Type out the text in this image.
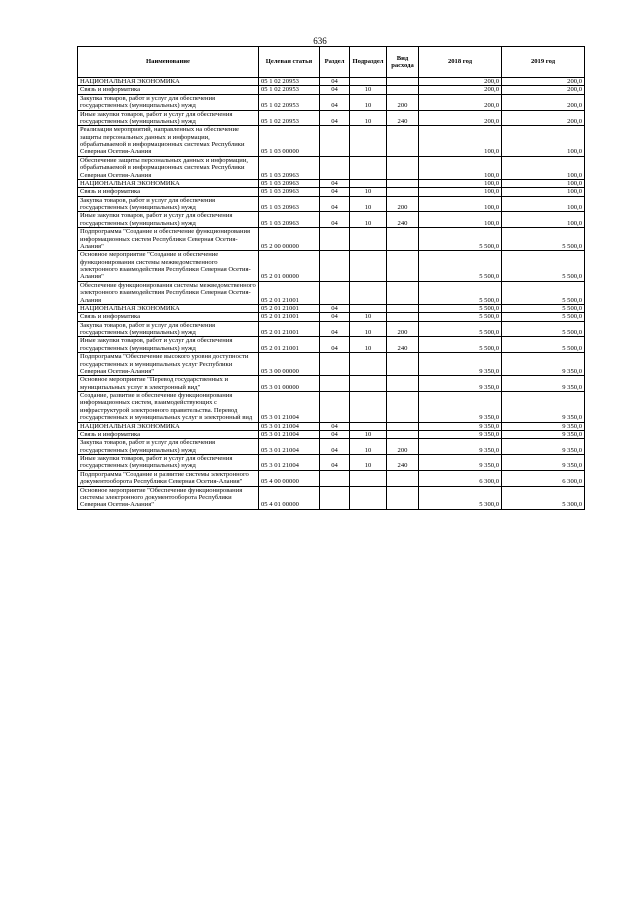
636
Наименование	Целевая статья	Раздел	Подраздел	Вид расхода	2018 год	2019 год
НАЦИОНАЛЬНАЯ ЭКОНОМИКА	05 1 02 20953	04			200,0	200,0
Связь и информатика	05 1 02 20953	04	10		200,0	200,0
Закупка товаров, работ и услуг для обеспечения государственных (муниципальных) нужд	05 1 02 20953	04	10	200	200,0	200,0
Иные закупки товаров, работ и услуг для обеспечения государственных (муниципальных) нужд	05 1 02 20953	04	10	240	200,0	200,0
Реализация мероприятий, направленных на обеспечение защиты персональных данных и информации, обрабатываемой в информационных системах Республики Северная Осетия-Алания	05 1 03 00000				100,0	100,0
Обеспечение защиты персональных данных и информации, обрабатываемой в информационных системах Республики Северная Осетия-Алания	05 1 03 20963				100,0	100,0
НАЦИОНАЛЬНАЯ ЭКОНОМИКА	05 1 03 20963	04			100,0	100,0
Связь и информатика	05 1 03 20963	04	10		100,0	100,0
Закупка товаров, работ и услуг для обеспечения государственных (муниципальных) нужд	05 1 03 20963	04	10	200	100,0	100,0
Иные закупки товаров, работ и услуг для обеспечения государственных (муниципальных) нужд	05 1 03 20963	04	10	240	100,0	100,0
Подпрограмма "Создание и обеспечение функционирования информационных систем Республики Северная Осетия-Алания"	05 2 00 00000				5 500,0	5 500,0
Основное мероприятие "Создание и обеспечение функционирования системы межведомственного электронного взаимодействия Республики Северная Осетия-Алания"	05 2 01 00000				5 500,0	5 500,0
Обеспечение функционирования системы межведомственного электронного взаимодействия Республики Северная Осетия-Алания	05 2 01 21001				5 500,0	5 500,0
НАЦИОНАЛЬНАЯ ЭКОНОМИКА	05 2 01 21001	04			5 500,0	5 500,0
Связь и информатика	05 2 01 21001	04	10		5 500,0	5 500,0
Закупка товаров, работ и услуг для обеспечения государственных (муниципальных) нужд	05 2 01 21001	04	10	200	5 500,0	5 500,0
Иные закупки товаров, работ и услуг для обеспечения государственных (муниципальных) нужд	05 2 01 21001	04	10	240	5 500,0	5 500,0
Подпрограмма "Обеспечение высокого уровня доступности государственных и муниципальных услуг Республики Северная Осетия-Алания"	05 3 00 00000				9 350,0	9 350,0
Основное мероприятие "Перевод государственных и муниципальных услуг в электронный вид"	05 3 01 00000				9 350,0	9 350,0
Создание, развитие и обеспечение функционирования информационных систем, взаимодействующих с инфраструктурой электронного правительства. Перевод государственных и муниципальных услуг в электронный вид	05 3 01 21004				9 350,0	9 350,0
НАЦИОНАЛЬНАЯ ЭКОНОМИКА	05 3 01 21004	04			9 350,0	9 350,0
Связь и информатика	05 3 01 21004	04	10		9 350,0	9 350,0
Закупка товаров, работ и услуг для обеспечения государственных (муниципальных) нужд	05 3 01 21004	04	10	200	9 350,0	9 350,0
Иные закупки товаров, работ и услуг для обеспечения государственных (муниципальных) нужд	05 3 01 21004	04	10	240	9 350,0	9 350,0
Подпрограмма "Создание и развитие системы электронного документооборота Республики Северная Осетия-Алания"	05 4 00 00000				6 300,0	6 300,0
Основное мероприятие "Обеспечение функционирования системы электронного документооборота Республики Северная Осетия-Алания"	05 4 01 00000				5 300,0	5 300,0
